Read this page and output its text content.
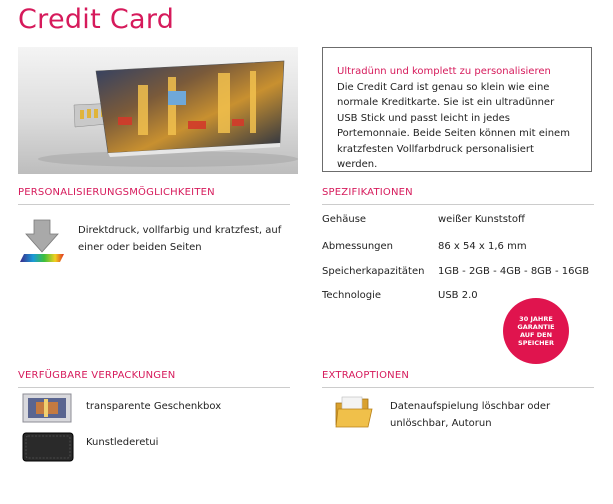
Credit Card
Ultradünn und komplett zu personalisieren
Die Credit Card ist genau so klein wie eine normale Kreditkarte. Sie ist ein ultradünner USB Stick und passt leicht in jedes Portemonnaie. Beide Seiten können mit einem kratzfesten Vollfarbdruck personalisiert werden.
PERSONALISIERUNGSMÖGLICHKEITEN
Direktdruck, vollfarbig und kratzfest, auf einer oder beiden Seiten
SPEZIFIKATIONEN
Gehäuse	weißer Kunststoff
Abmessungen	86 x 54 x 1,6 mm
Speicherkapazitäten 1GB - 2GB - 4GB - 8GB - 16GB
Technologie	USB 2.0
30 JAHRE GARANTIE AUF DEN SPEICHER
VERFÜGBARE VERPACKUNGEN
transparente Geschenkbox
Kunstlederetui
EXTRAOPTIONEN
Datenaufspielung löschbar oder unlöschbar, Autorun
